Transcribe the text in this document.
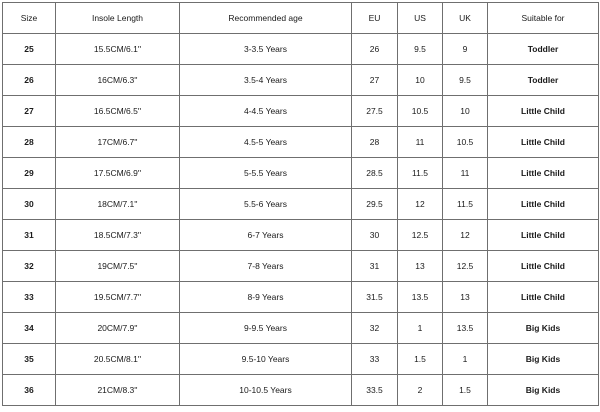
Size	Insole Length	Recommended age	EU	US	UK	Suitable for
25	15.5CM/6.1''	3-3.5 Years	26	9.5	9	Toddler
26	16CM/6.3''	3.5-4 Years	27	10	9.5	Toddler
27	16.5CM/6.5''	4-4.5 Years	27.5	10.5	10	Little Child
28	17CM/6.7''	4.5-5 Years	28	11	10.5	Little Child
29	17.5CM/6.9''	5-5.5 Years	28.5	11.5	11	Little Child
30	18CM/7.1''	5.5-6 Years	29.5	12	11.5	Little Child
31	18.5CM/7.3''	6-7 Years	30	12.5	12	Little Child
32	19CM/7.5''	7-8 Years	31	13	12.5	Little Child
33	19.5CM/7.7''	8-9 Years	31.5	13.5	13	Little Child
34	20CM/7.9''	9-9.5 Years	32	1	13.5	Big Kids
35	20.5CM/8.1''	9.5-10 Years	33	1.5	1	Big Kids
36	21CM/8.3''	10-10.5 Years	33.5	2	1.5	Big Kids
